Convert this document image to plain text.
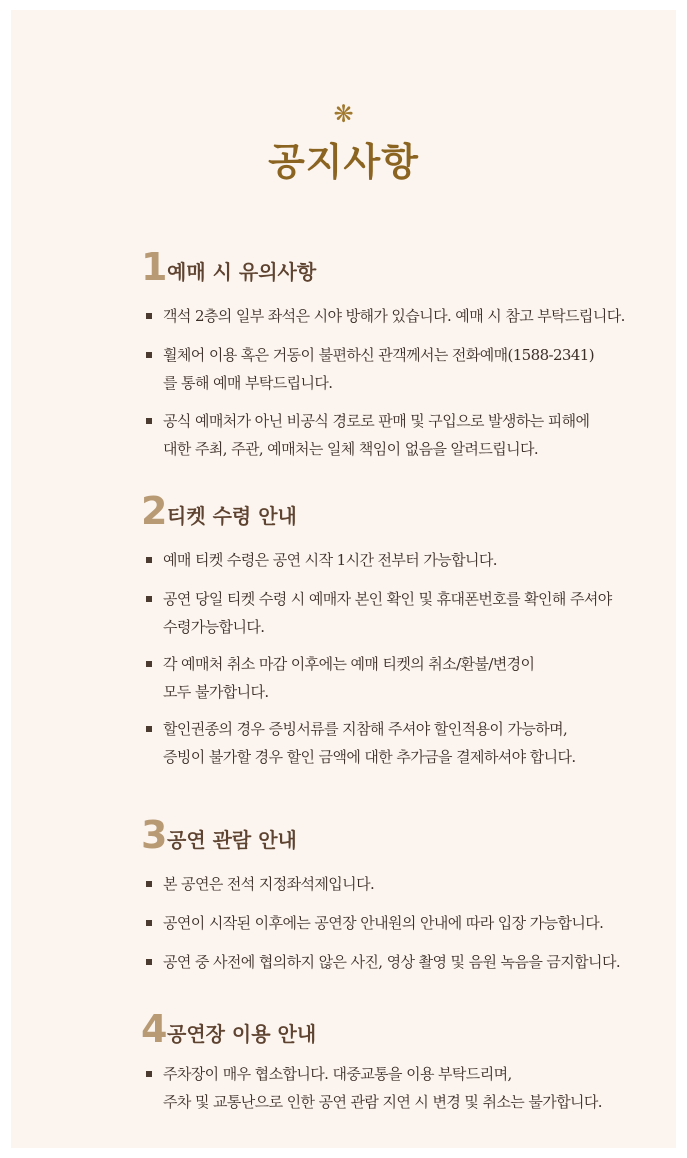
❋
공지사항
1 예매 시 유의사항
객석 2층의 일부 좌석은 시야 방해가 있습니다. 예매 시 참고 부탁드립니다.
휠체어 이용 혹은 거동이 불편하신 관객께서는 전화예매(1588-2341)
를 통해 예매 부탁드립니다.
공식 예매처가 아닌 비공식 경로로 판매 및 구입으로 발생하는 피해에
대한 주최, 주관, 예매처는 일체 책임이 없음을 알려드립니다.
2 티켓 수령 안내
예매 티켓 수령은 공연 시작 1시간 전부터 가능합니다.
공연 당일 티켓 수령 시 예매자 본인 확인 및 휴대폰번호를 확인해 주셔야
수령가능합니다.
각 예매처 취소 마감 이후에는 예매 티켓의 취소/환불/변경이
모두 불가합니다.
할인권종의 경우 증빙서류를 지참해 주셔야 할인적용이 가능하며,
증빙이 불가할 경우 할인 금액에 대한 추가금을 결제하셔야 합니다.
3 공연 관람 안내
본 공연은 전석 지정좌석제입니다.
공연이 시작된 이후에는 공연장 안내원의 안내에 따라 입장 가능합니다.
공연 중 사전에 협의하지 않은 사진, 영상 촬영 및 음원 녹음을 금지합니다.
4 공연장 이용 안내
주차장이 매우 협소합니다. 대중교통을 이용 부탁드리며,
주차 및 교통난으로 인한 공연 관람 지연 시 변경 및 취소는 불가합니다.
